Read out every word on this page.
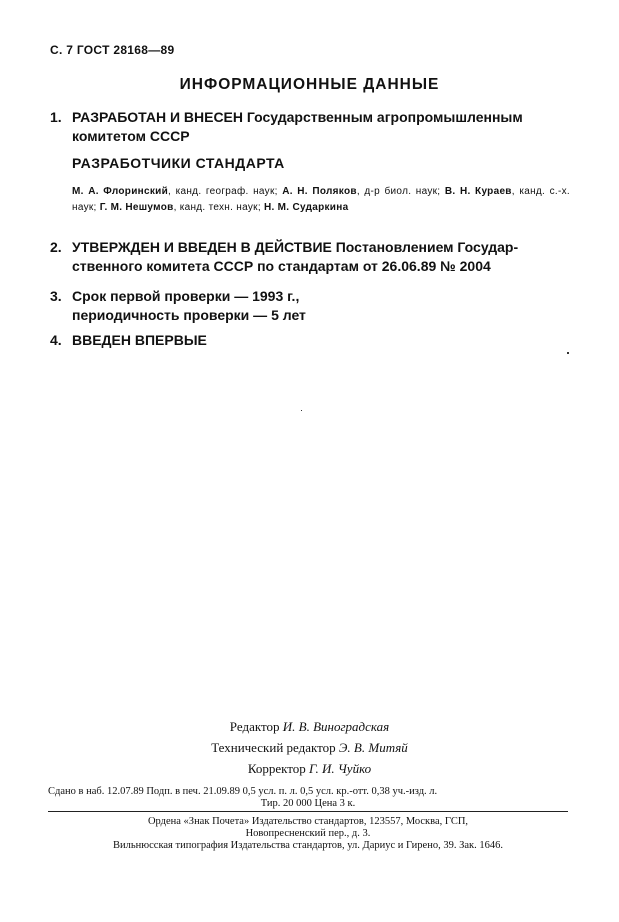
С. 7 ГОСТ 28168—89
ИНФОРМАЦИОННЫЕ ДАННЫЕ
1. РАЗРАБОТАН И ВНЕСЕН Государственным агропромышленным
комитетом СССР
РАЗРАБОТЧИКИ СТАНДАРТА
М. А. Флоринский, канд. географ. наук; А. Н. Поляков, д-р биол. наук; В. Н. Кураев, канд. с.-х. наук; Г. М. Нешумов, канд. техн. наук; Н. М. Сударкина
2. УТВЕРЖДЕН И ВВЕДЕН В ДЕЙСТВИЕ Постановлением Государ-
ственного комитета СССР по стандартам от 26.06.89 № 2004
3. Срок первой проверки — 1993 г.,
периодичность проверки — 5 лет
4. ВВЕДЕН ВПЕРВЫЕ
Редактор И. В. Виноградская
Технический редактор Э. В. Митяй
Корректор Г. И. Чуйко
Сдано в наб. 12.07.89 Подп. в печ. 21.09.89 0,5 усл. п. л. 0,5 усл. кр.-отт. 0,38 уч.-изд. л.
Тир. 20 000 Цена 3 к.
Ордена «Знак Почета» Издательство стандартов, 123557, Москва, ГСП,
Новопресненский пер., д. 3.
Вильнюсская типография Издательства стандартов, ул. Дариус и Гирено, 39. Зак. 1646.
